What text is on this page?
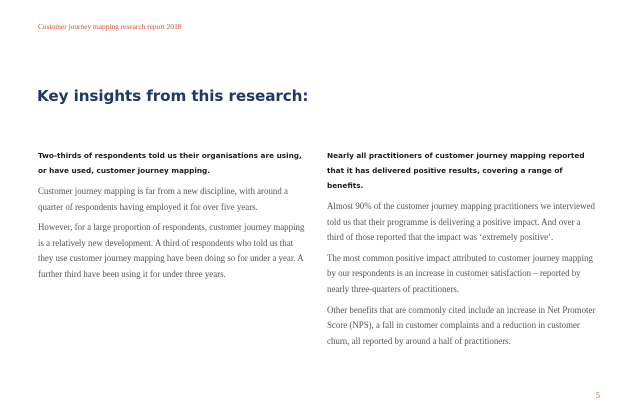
Customer journey mapping research report 2018
Key insights from this research:

Two-thirds of respondents told us their organisations are using, or have used, customer journey mapping.

Customer journey mapping is far from a new discipline, with around a quarter of respondents having employed it for over five years.

However, for a large proportion of respondents, customer journey mapping is a relatively new development. A third of respondents who told us that they use customer journey mapping have been doing so for under a year. A further third have been using it for under three years.

Nearly all practitioners of customer journey mapping reported that it has delivered positive results, covering a range of benefits.

Almost 90% of the customer journey mapping practitioners we interviewed told us that their programme is delivering a positive impact. And over a third of those reported that the impact was ‘extremely positive’.

The most common positive impact attributed to customer journey mapping by our respondents is an increase in customer satisfaction – reported by nearly three-quarters of practitioners.

Other benefits that are commonly cited include an increase in Net Promoter Score (NPS), a fall in customer complaints and a reduction in customer churn, all reported by around a half of practitioners.

5
